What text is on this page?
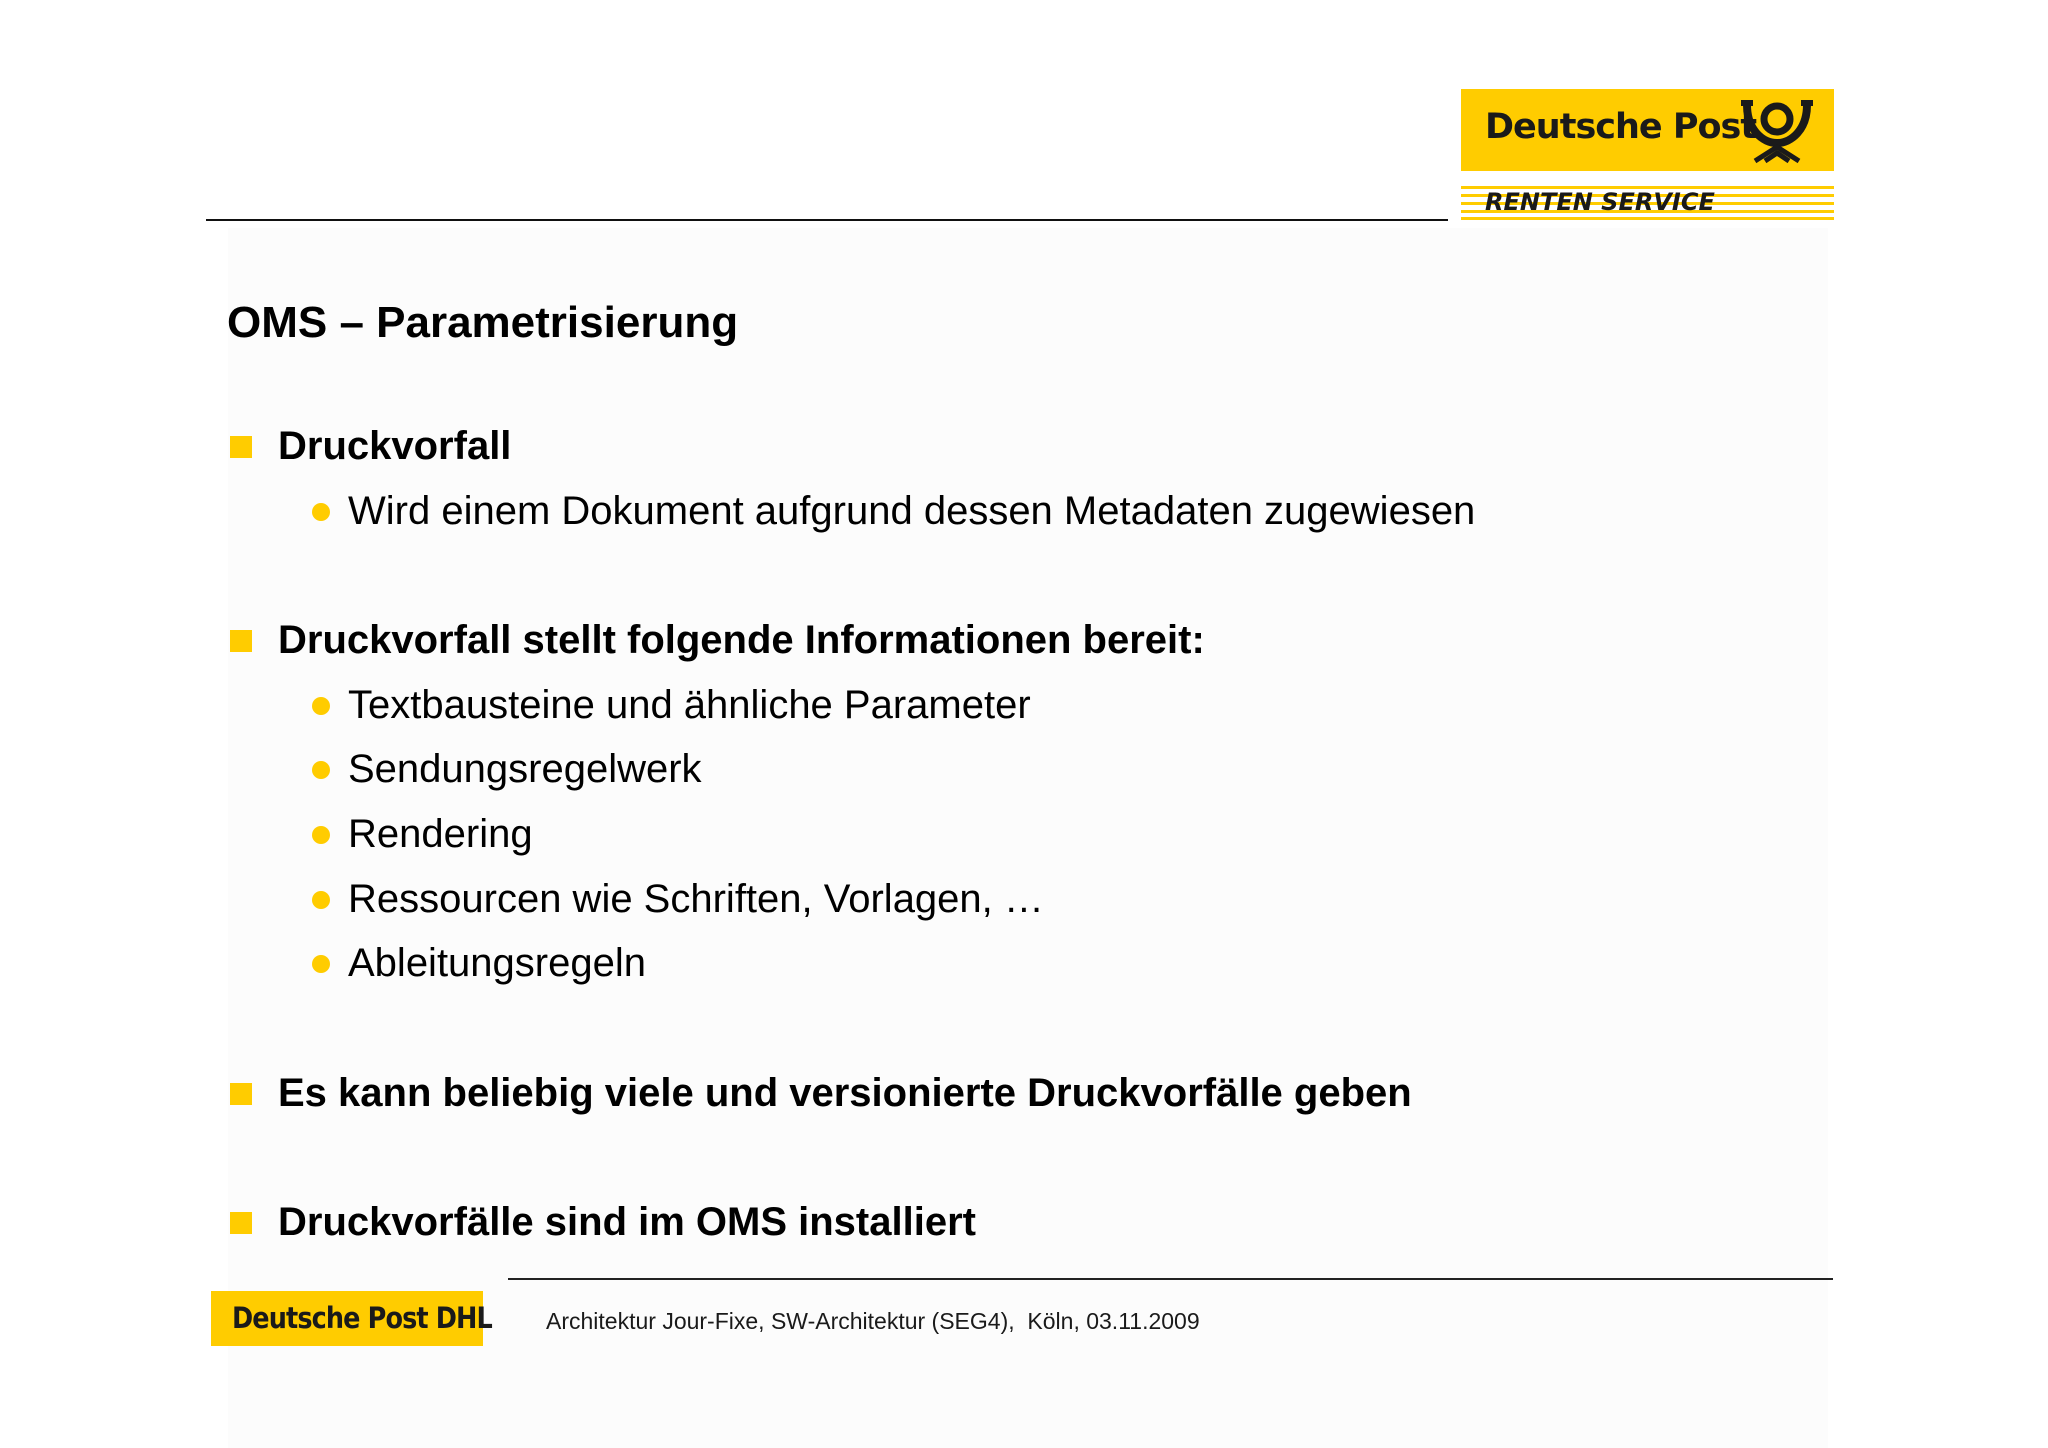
Deutsche Post
RENTEN SERVICE
OMS – Parametrisierung
Druckvorfall
Wird einem Dokument aufgrund dessen Metadaten zugewiesen
Druckvorfall stellt folgende Informationen bereit:
Textbausteine und ähnliche Parameter
Sendungsregelwerk
Rendering
Ressourcen wie Schriften, Vorlagen, …
Ableitungsregeln
Es kann beliebig viele und versionierte Druckvorfälle geben
Druckvorfälle sind im OMS installiert
Deutsche Post DHL Architektur Jour-Fixe, SW-Architektur (SEG4),  Köln, 03.11.2009
